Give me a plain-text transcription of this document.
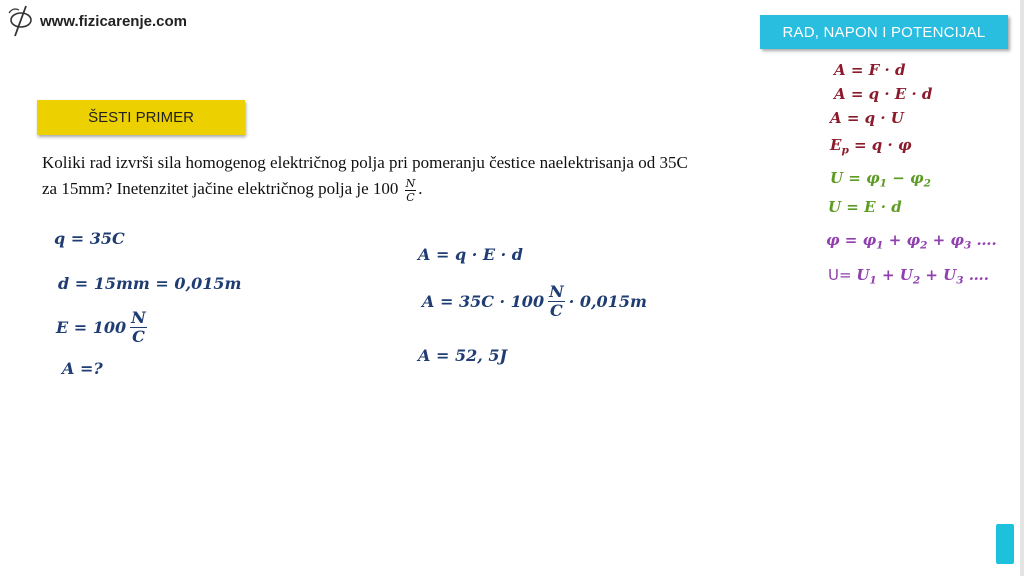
www.fizicarenje.com
RAD, NAPON I POTENCIJAL
ŠESTI PRIMER
Koliki rad izvrši sila homogenog električnog polja pri pomeranju čestice naelektrisanja od 35C
za 15mm? Inetenzitet jačine električnog polja je $100 \frac{N}{C}$ .
q = 35C
d = 15mm = 0,015m
$E = 100 \frac{N}{C}$
A =?
A = q · E · d
$A = 35C \cdot 100 \frac{N}{C} \cdot 0,015m$
A = 52, 5J
A = F · d
A = q · E · d
A = q · U
$E_p = q \cdot \varphi$
$U = \varphi_1 - \varphi_2$
U = E · d
$\varphi = \varphi_1 + \varphi_2 + \varphi_3$ ….
$U= U_1 + U_2 + U_3$ ….
